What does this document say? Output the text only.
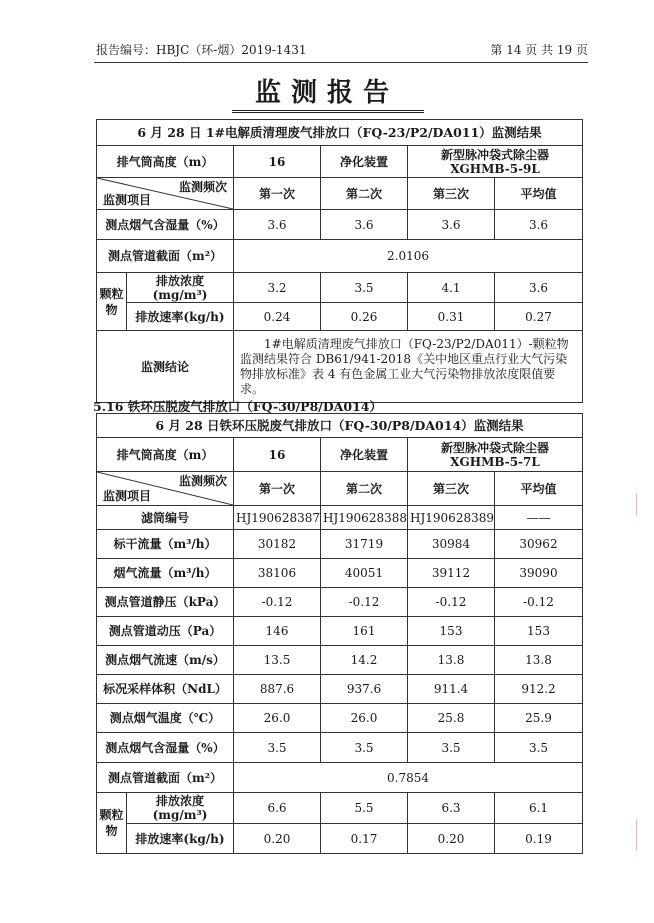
报告编号：HBJC（环-烟）2019-1431	第 14 页 共 19 页
监测报告
6 月 28 日 1#电解质清理废气排放口（FQ-23/P2/DA011）监测结果					
排气筒高度（m）		16	净化装置	新型脉冲袋式除尘器 XGHMB-5-9L	

监测频次
监测项目		第一次	第二次	第三次	平均值
测点烟气含湿量（%）		3.6	3.6	3.6	3.6
测点管道截面（m²）		2.0106			
颗粒物	排放浓度(mg/m³)	3.2	3.5	4.1	3.6
	排放速率(kg/h)	0.24	0.26	0.31	0.27
监测结论		1#电解质清理废气排放口（FQ-23/P2/DA011）-颗粒物监测结果符合 DB61/941-2018《关中地区重点行业大气污染物排放标准》表 4 有色金属工业大气污染物排放浓度限值要求。			
5.16 铁环压脱废气排放口（FQ-30/P8/DA014）
6 月 28 日铁环压脱废气排放口（FQ-30/P8/DA014）监测结果					
排气筒高度（m）		16	净化装置	新型脉冲袋式除尘器 XGHMB-5-7L	

监测频次
监测项目		第一次	第二次	第三次	平均值
滤筒编号		HJ190628387	HJ190628388	HJ190628389	——
标干流量（m³/h）		30182	31719	30984	30962
烟气流量（m³/h）		38106	40051	39112	39090
测点管道静压（kPa）		-0.12	-0.12	-0.12	-0.12
测点管道动压（Pa）		146	161	153	153
测点烟气流速（m/s）		13.5	14.2	13.8	13.8
标况采样体积（NdL）		887.6	937.6	911.4	912.2
测点烟气温度（℃）		26.0	26.0	25.8	25.9
测点烟气含湿量（%）		3.5	3.5	3.5	3.5
测点管道截面（m²）		0.7854			
颗粒物	排放浓度(mg/m³)	6.6	5.5	6.3	6.1
	排放速率(kg/h)	0.20	0.17	0.20	0.19
